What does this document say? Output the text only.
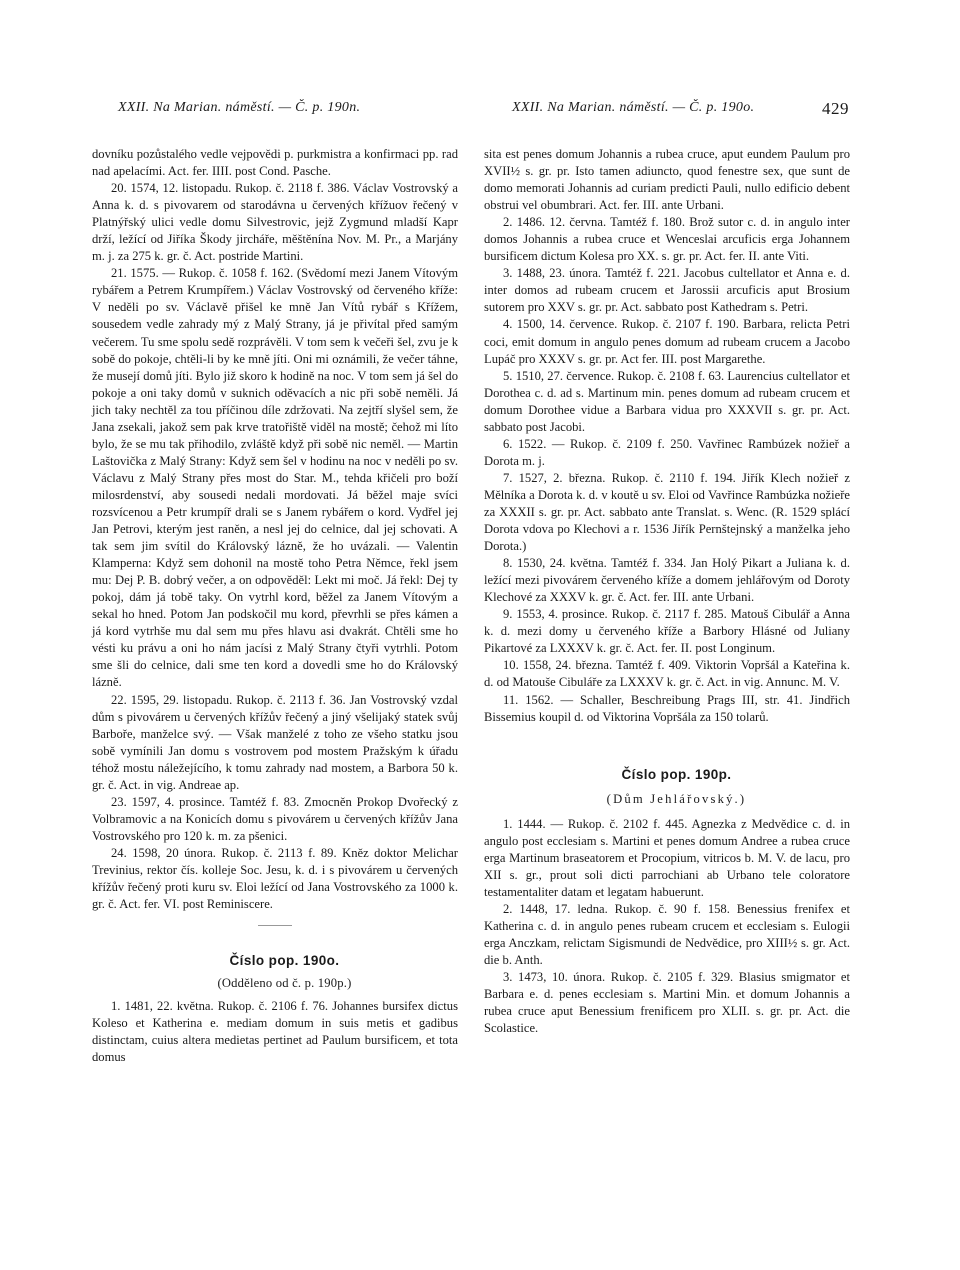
XXII. Na Marian. náměstí. — Č. p. 190n.	XXII. Na Marian. náměstí. — Č. p. 190o.	429

dovníku pozůstalého vedle vejpovědi p. purkmistra a konfirmaci pp. rad nad apelacími. Act. fer. IIII. post Cond. Pasche.

20. 1574, 12. listopadu. Rukop. č. 2118 f. 386. Václav Vostrovský a Anna k. d. s pivovarem od starodávna u červených křížuov řečený v Platnýřský ulici vedle domu Silvestrovic, jejž Zygmund mladší Kapr drží, ležící od Jiříka Škody jircháře, měštěnína Nov. M. Pr., a Marjány m. j. za 275 k. gr. č. Act. postride Martini.

21. 1575. — Rukop. č. 1058 f. 162. (Svědomí mezi Janem Vítovým rybářem a Petrem Krumpířem.) Václav Vostrovský od červeného kříže: V neděli po sv. Václavě přišel ke mně Jan Vítů rybář s Křížem, sousedem vedle zahrady mý z Malý Strany, já je přivítal před samým večerem. Tu sme spolu sedě rozprávěli. V tom sem k večeři šel, zvu je k sobě do pokoje, chtěli-li by ke mně jíti. Oni mi oznámili, že večer táhne, že musejí domů jíti. Bylo již skoro k hodině na noc. V tom sem já šel do pokoje a oni taky domů v suknich oděvacích a nic při sobě neměli. Já jich taky nechtěl za tou příčinou díle zdržovati. Na zejtří slyšel sem, že Jana zsekali, jakož sem pak krve tratořiště viděl na mostě; čehož mi líto bylo, že se mu tak přihodilo, zvláště když při sobě nic neměl. — Martin Laštovička z Malý Strany: Když sem šel v hodinu na noc v neděli po sv. Václavu z Malý Strany přes most do Star. M., tehda křičeli pro boží milosrdenství, aby sousedi nedali mordovati. Já běžel maje svíci rozsvícenou a Petr krumpíř drali se s Janem rybářem o kord. Vydřel jej Jan Petrovi, kterým jest raněn, a nesl jej do celnice, dal jej schovati. A tak sem jim svítil do Královský lázně, že ho uvázali. — Valentin Klamperna: Když sem dohonil na mostě toho Petra Němce, řekl jsem mu: Dej P. B. dobrý večer, a on odpověděl: Lekt mi moč. Já řekl: Dej ty pokoj, dám já tobě taky. On vytrhl kord, běžel za Janem Vítovým a sekal ho hned. Potom Jan podskočil mu kord, převrhli se přes kámen a já kord vytrhše mu dal sem mu přes hlavu asi dvakrát. Chtěli sme ho vésti ku právu a oni ho nám jacísi z Malý Strany čtyři vytrhli. Potom sme šli do celnice, dali sme ten kord a dovedli sme ho do Královský lázně.

22. 1595, 29. listopadu. Rukop. č. 2113 f. 36. Jan Vostrovský vzdal dům s pivovárem u červených křížův řečený a jiný všelijaký statek svůj Barboře, manželce svý. — Však manželé z toho ze všeho statku jsou sobě vymínili Jan domu s vostrovem pod mostem Pražským k úřadu téhož mostu náležejícího, k tomu zahrady nad mostem, a Barbora 50 k. gr. č. Act. in vig. Andreae ap.

23. 1597, 4. prosince. Tamtéž f. 83. Zmocněn Prokop Dvořecký z Volbramovic a na Konicích domu s pivovárem u červených křížův Jana Vostrovského pro 120 k. m. za pšenici.

24. 1598, 20 února. Rukop. č. 2113 f. 89. Kněz doktor Melichar Trevinius, rektor čís. kolleje Soc. Jesu, k. d. i s pivovárem u červených křížův řečený proti kuru sv. Eloi ležící od Jana Vostrovského za 1000 k. gr. č. Act. fer. VI. post Reminiscere.

Číslo pop. 190o.

(Odděleno od č. p. 190p.)

1. 1481, 22. května. Rukop. č. 2106 f. 76. Johannes bursifex dictus Koleso et Katherina e. mediam domum in suis metis et gadibus distinctam, cuius altera medietas pertinet ad Paulum bursificem, et tota domus

sita est penes domum Johannis a rubea cruce, aput eundem Paulum pro XVII½ s. gr. pr. Isto tamen adiuncto, quod fenestre sex, que sunt de domo memorati Johannis ad curiam predicti Pauli, nullo edificio debent obstrui vel obumbrari. Act. fer. III. ante Urbani.

2. 1486. 12. června. Tamtéž f. 180. Brož sutor c. d. in angulo inter domos Johannis a rubea cruce et Wenceslai arcuficis erga Johannem bursificem dictum Kolesa pro XX. s. gr. pr. Act. fer. II. ante Viti.

3. 1488, 23. února. Tamtéž f. 221. Jacobus cultellator et Anna e. d. inter domos ad rubeam crucem et Jarossii arcuficis aput Brosium sutorem pro XXV s. gr. pr. Act. sabbato post Kathedram s. Petri.

4. 1500, 14. července. Rukop. č. 2107 f. 190. Barbara, relicta Petri coci, emit domum in angulo penes domum ad rubeam crucem a Jacobo Lupáč pro XXXV s. gr. pr. Act fer. III. post Margarethe.

5. 1510, 27. července. Rukop. č. 2108 f. 63. Laurencius cultellator et Dorothea c. d. ad s. Martinum min. penes domum ad rubeam crucem et domum Dorothee vidue a Barbara vidua pro XXXVII s. gr. pr. Act. sabbato post Jacobi.

6. 1522. — Rukop. č. 2109 f. 250. Vavřinec Rambúzek nožieř a Dorota m. j.

7. 1527, 2. března. Rukop. č. 2110 f. 194. Jiřík Klech nožieř z Mělníka a Dorota k. d. v koutě u sv. Eloi od Vavřince Rambúzka nožieře za XXXII s. gr. pr. Act. sabbato ante Translat. s. Wenc. (R. 1529 splácí Dorota vdova po Klechovi a r. 1536 Jiřík Pernštejnský a manželka jeho Dorota.)

8. 1530, 24. května. Tamtéž f. 334. Jan Holý Pikart a Juliana k. d. ležící mezi pivovárem červeného kříže a domem jehlářovým od Doroty Klechové za XXXV k. gr. č. Act. fer. III. ante Urbani.

9. 1553, 4. prosince. Rukop. č. 2117 f. 285. Matouš Cibulář a Anna k. d. mezi domy u červeného kříže a Barbory Hlásné od Juliany Pikartové za LXXXV k. gr. č. Act. fer. II. post Longinum.

10. 1558, 24. března. Tamtéž f. 409. Viktorin Vopršál a Kateřina k. d. od Matouše Cibuláře za LXXXV k. gr. č. Act. in vig. Annunc. M. V.

11. 1562. — Schaller, Beschreibung Prags III, str. 41. Jindřich Bissemius koupil d. od Viktorina Vopršála za 150 tolarů.

Číslo pop. 190p.

(Dům Jehlářovský.)

1. 1444. — Rukop. č. 2102 f. 445. Agnezka z Medvědice c. d. in angulo post ecclesiam s. Martini et penes domum Andree a rubea cruce erga Martinum braseatorem et Procopium, vitricos b. M. V. de lacu, pro XII s. gr., prout soli dicti parrochiani ab Urbano tele coloratore testamentaliter datam et legatam habuerunt.

2. 1448, 17. ledna. Rukop. č. 90 f. 158. Benessius frenifex et Katherina c. d. in angulo penes rubeam crucem et ecclesiam s. Eulogii erga Anczkam, relictam Sigismundi de Nedvědice, pro XIII½ s. gr. Act. die b. Anth.

3. 1473, 10. února. Rukop. č. 2105 f. 329. Blasius smigmator et Barbara e. d. penes ecclesiam s. Martini Min. et domum Johannis a rubea cruce aput Benessium frenificem pro XLII. s. gr. pr. Act. die Scolastice.
